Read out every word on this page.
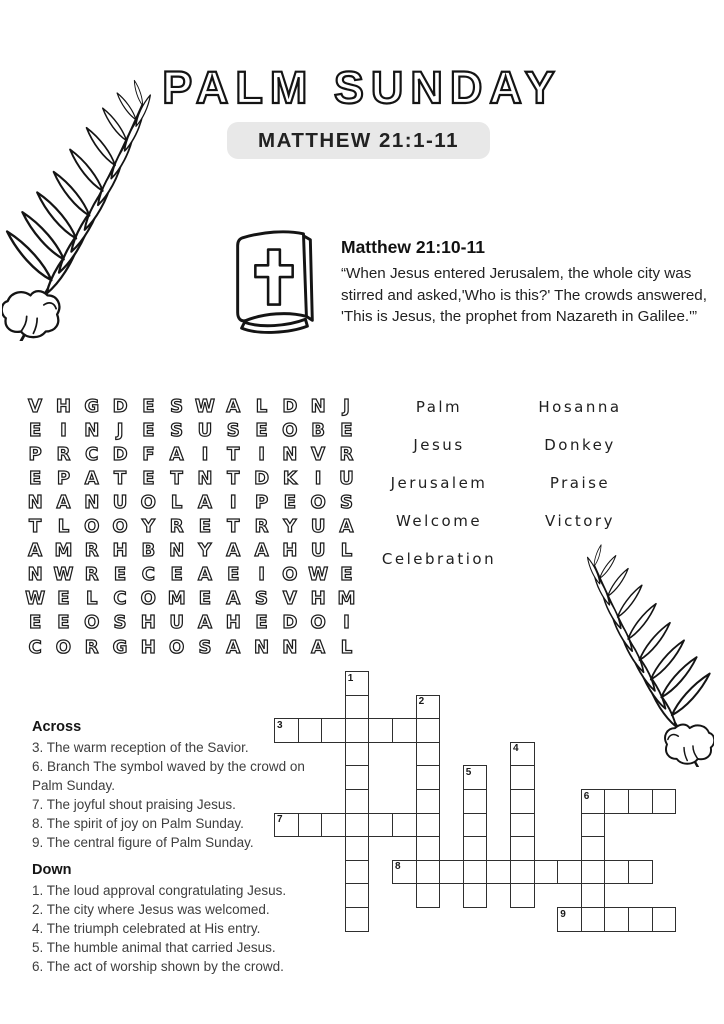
PALM SUNDAY
MATTHEW 21:1-11
Matthew 21:10-11
“When Jesus entered Jerusalem, the whole city was stirred and asked,'Who is this?' The crowds answered, 'This is Jesus, the prophet from Nazareth in Galilee.'”
V H G D E S W A L D N J
E	I N J	E S U S E O B E
P R C D F A I	T	I N V R
E P A T E T N T D K I U
N A N U O L A I	P E O S
T L O O Y R E T R Y U A
A M R H B N Y A A H U L
N W R E C E A E	I O W E
W E L C O M E A S V H M
E E O S H U A H E D O I
C O R G H O S A N N A L
Palm
Jesus
Jerusalem
Welcome
Celebration
Hosanna
Donkey
Praise
Victory
Across
3. The warm reception of the Savior.
6. Branch The symbol waved by the crowd on Palm Sunday.
7. The joyful shout praising Jesus.
8. The spirit of joy on Palm Sunday.
9. The central figure of Palm Sunday.
Down
1. The loud approval congratulating Jesus.
2. The city where Jesus was welcomed.
4. The triumph celebrated at His entry.
5. The humble animal that carried Jesus.
6. The act of worship shown by the crowd.
1
2
3
4
5
6
7
8
9
